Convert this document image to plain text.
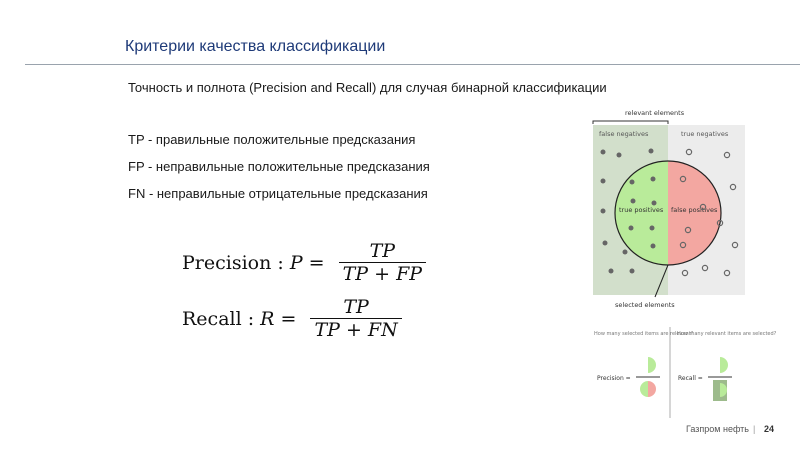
Критерии качества классификации
Точность и полнота (Precision and Recall) для случая бинарной классификации
TP - правильные положительные предсказания
FP - неправильные положительные предсказания
FN - неправильные отрицательные предсказания
Precision : $P = \frac{TP}{TP + FP}$
Recall : $R = \frac{TP}{TP + FN}$
relevant elements
false negatives	true negatives
true positives false positives
selected elements
How many selected items are relevant?
How many relevant items are selected?
Precision =	Recall =
Газпром нефть | 24
